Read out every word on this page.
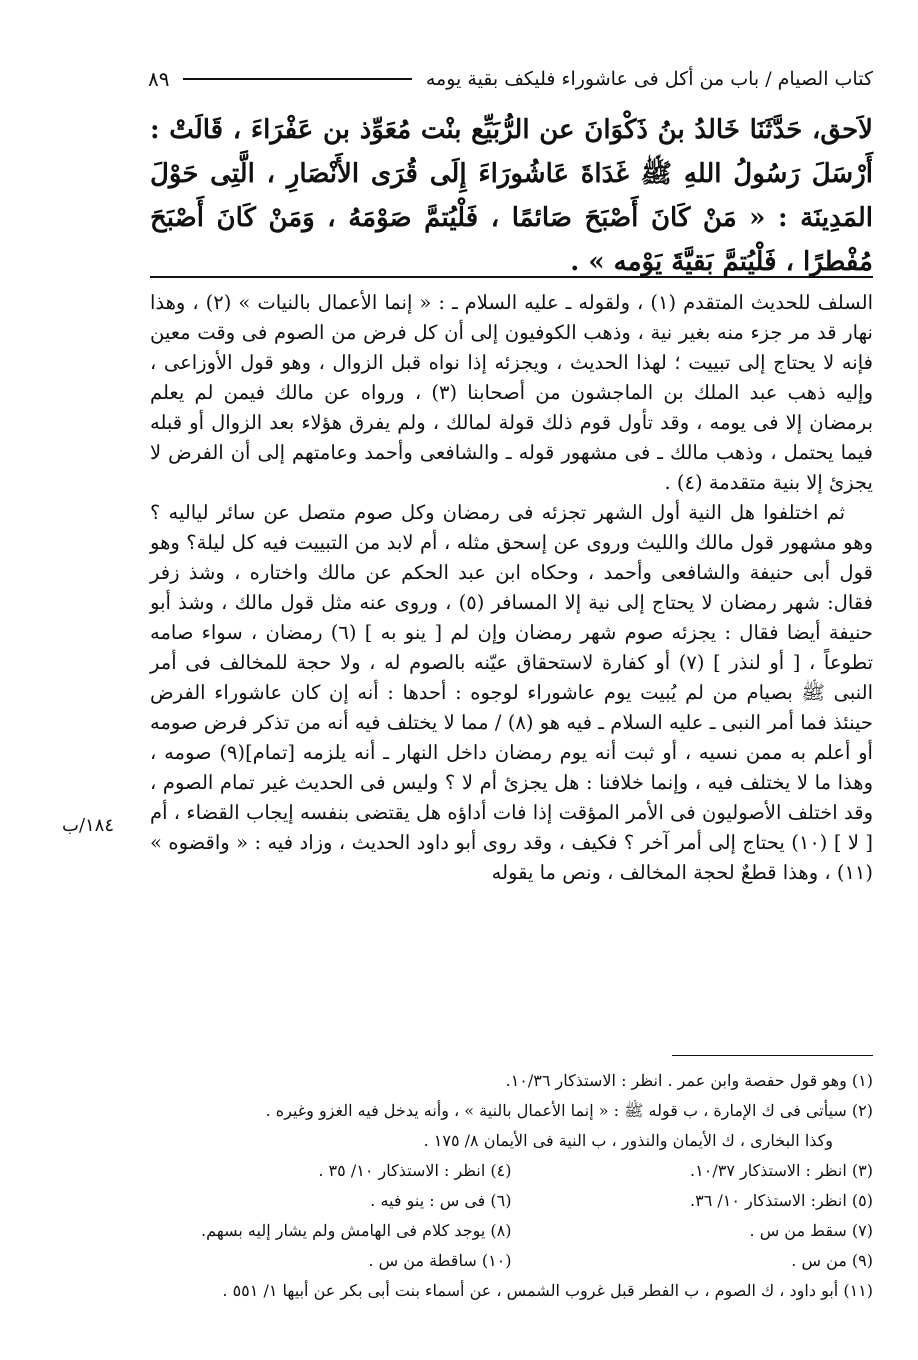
كتاب الصيام / باب من أكل فى عاشوراء فليكف بقية يومه
٨٩

لاَحق، حَدَّثَنَا خَالدُ بنُ ذَكْوَانَ عن الرُّبَيِّع بنْت مُعَوِّذ بن عَفْرَاءَ ، قَالَتْ : أَرْسَلَ رَسُولُ اللهِ ﷺ غَدَاةَ عَاشُورَاءَ إِلَى قُرَى الأَنْصَارِ ، الَّتِى حَوْلَ المَدِينَة : « مَنْ كَانَ أَصْبَحَ صَائمًا ، فَلْيُتمَّ صَوْمَهُ ، وَمَنْ كَانَ أَصْبَحَ مُفْطرًا ، فَلْيُتمَّ بَقيَّةَ يَوْمه » .

السلف للحديث المتقدم (١) ، ولقوله ـ عليه السلام ـ : « إنما الأعمال بالنيات » (٢) ، وهذا نهار قد مر جزء منه بغير نية ، وذهب الكوفيون إلى أن كل فرض من الصوم فى وقت معين فإنه لا يحتاج إلى تبييت ؛ لهذا الحديث ، ويجزئه إذا نواه قبل الزوال ، وهو قول الأوزاعى ، وإليه ذهب عبد الملك بن الماجشون من أصحابنا (٣) ، ورواه عن مالك فيمن لم يعلم برمضان إلا فى يومه ، وقد تأول قوم ذلك قولة لمالك ، ولم يفرق هؤلاء بعد الزوال أو قبله فيما يحتمل ، وذهب مالك ـ فى مشهور قوله ـ والشافعى وأحمد وعامتهم إلى أن الفرض لا يجزئ إلا بنية متقدمة (٤) .

ثم اختلفوا هل النية أول الشهر تجزئه فى رمضان وكل صوم متصل عن سائر لياليه ؟ وهو مشهور قول مالك والليث وروى عن إسحق مثله ، أم لابد من التبييت فيه كل ليلة؟ وهو قول أبى حنيفة والشافعى وأحمد ، وحكاه ابن عبد الحكم عن مالك واختاره ، وشذ زفر فقال: شهر رمضان لا يحتاج إلى نية إلا المسافر (٥) ، وروى عنه مثل قول مالك ، وشذ أبو حنيفة أيضا فقال : يجزئه صوم شهر رمضان وإن لم [ ينو به ] (٦) رمضان ، سواء صامه تطوعاً ، [ أو لنذر ] (٧) أو كفارة لاستحقاق عيّنه بالصوم له ، ولا حجة للمخالف فى أمر النبى ﷺ بصيام من لم يُبيت يوم عاشوراء لوجوه : أحدها : أنه إن كان عاشوراء الفرض حينئذ فما أمر النبى ـ عليه السلام ـ فيه هو (٨) / مما لا يختلف فيه أنه من تذكر فرض صومه أو أعلم به ممن نسيه ، أو ثبت أنه يوم رمضان داخل النهار ـ أنه يلزمه [تمام](٩) صومه ، وهذا ما لا يختلف فيه ، وإنما خلافنا : هل يجزئ أم لا ؟ وليس فى الحديث غير تمام الصوم ، وقد اختلف الأصوليون فى الأمر المؤقت إذا فات أداؤه هل يقتضى بنفسه إيجاب القضاء ، أم [ لا ] (١٠) يحتاج إلى أمر آخر ؟ فكيف ، وقد روى أبو داود الحديث ، وزاد فيه : « واقضوه » (١١) ، وهذا قطعٌ لحجة المخالف ، ونص ما يقوله

١٨٤/ب
(١) وهو قول حفصة وابن عمر . انظر : الاستذكار ١٠/٣٦.
(٢) سيأتى فى ك الإمارة ، ب قوله ﷺ : « إنما الأعمال بالنية » ، وأنه يدخل فيه الغزو وغيره .
وكذا البخارى ، ك الأيمان والنذور ، ب النية فى الأيمان ٨/ ١٧٥ .
(٣) انظر : الاستذكار ١٠/٣٧.
(٤) انظر : الاستذكار ١٠/ ٣٥ .
(٥) انظر: الاستذكار ١٠/ ٣٦.
(٦) فى س : ينو فيه .
(٧) سقط من س .
(٨) يوجد كلام فى الهامش ولم يشار إليه بسهم.
(٩) من س .
(١٠) ساقطة من س .
(١١) أبو داود ، ك الصوم ، ب الفطر قبل غروب الشمس ، عن أسماء بنت أبى بكر عن أبيها ١/ ٥٥١ .
